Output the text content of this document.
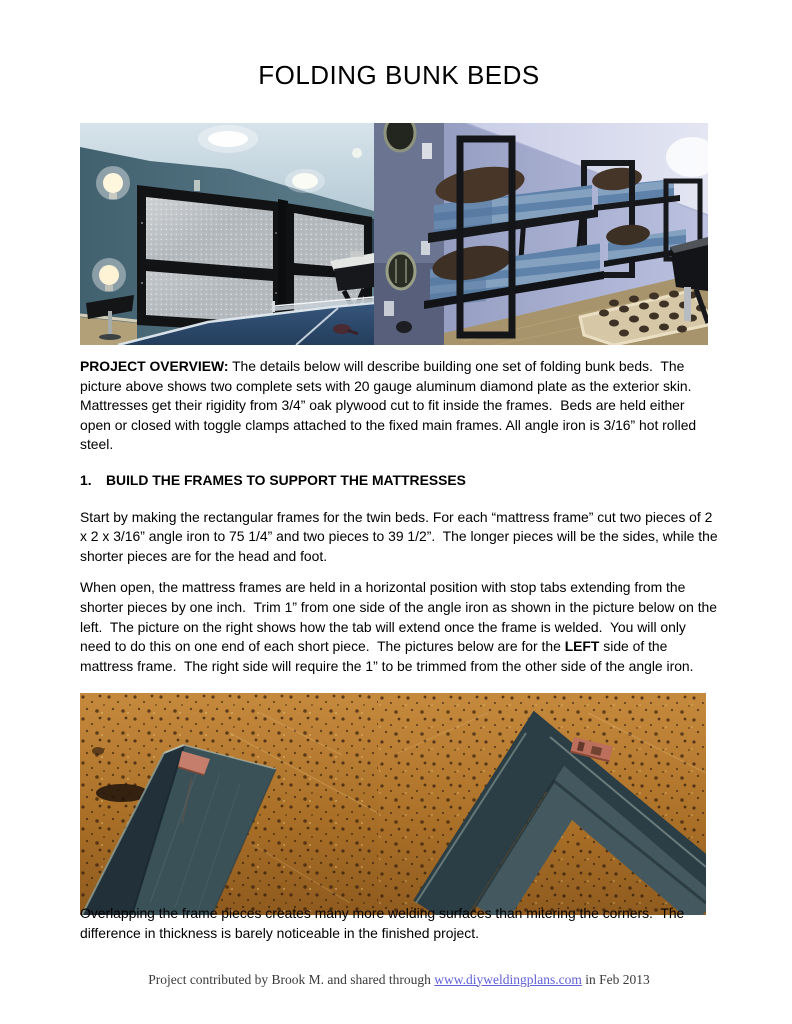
FOLDING BUNK BEDS

PROJECT OVERVIEW: The details below will describe building one set of folding bunk beds.  The picture above shows two complete sets with 20 gauge aluminum diamond plate as the exterior skin. Mattresses get their rigidity from 3/4” oak plywood cut to fit inside the frames.  Beds are held either open or closed with toggle clamps attached to the fixed main frames. All angle iron is 3/16” hot rolled steel.

1.	BUILD THE FRAMES TO SUPPORT THE MATTRESSES

Start by making the rectangular frames for the twin beds. For each “mattress frame” cut two pieces of 2 x 2 x 3/16” angle iron to 75 1/4” and two pieces to 39 1/2”.  The longer pieces will be the sides, while the shorter pieces are for the head and foot.

When open, the mattress frames are held in a horizontal position with stop tabs extending from the shorter pieces by one inch.  Trim 1” from one side of the angle iron as shown in the picture below on the left.  The picture on the right shows how the tab will extend once the frame is welded.  You will only need to do this on one end of each short piece.  The pictures below are for the LEFT side of the mattress frame.  The right side will require the 1” to be trimmed from the other side of the angle iron.

Overlapping the frame pieces creates many more welding surfaces than mitering the corners.  The difference in thickness is barely noticeable in the finished project.

Project contributed by Brook M. and shared through www.diyweldingplans.com in Feb 2013
